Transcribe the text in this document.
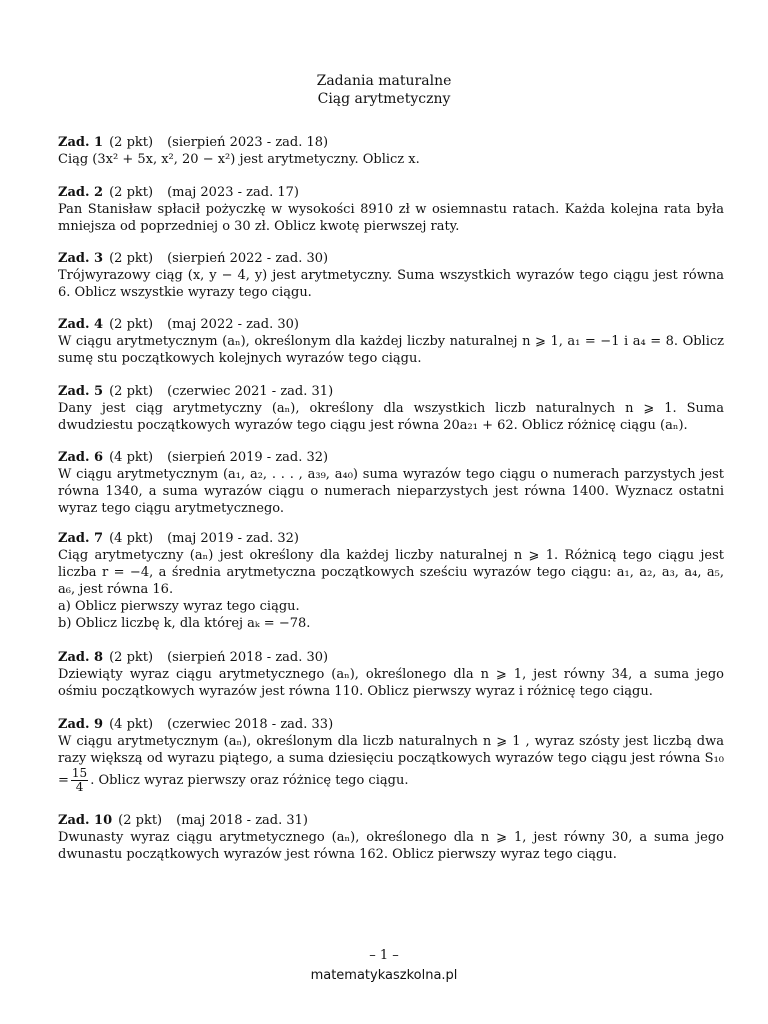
Zadania maturalne
Ciąg arytmetyczny

Zad. 1 (2 pkt) (sierpień 2023 - zad. 18)

Ciąg (3x² + 5x, x², 20 − x²) jest arytmetyczny. Oblicz x.

Zad. 2 (2 pkt) (maj 2023 - zad. 17)

Pan Stanisław spłacił pożyczkę w wysokości 8910 zł w osiemnastu ratach. Każda kolejna rata była mniejsza od poprzedniej o 30 zł. Oblicz kwotę pierwszej raty.

Zad. 3 (2 pkt) (sierpień 2022 - zad. 30)

Trójwyrazowy ciąg (x, y − 4, y) jest arytmetyczny. Suma wszystkich wyrazów tego ciągu jest równa 6. Oblicz wszystkie wyrazy tego ciągu.

Zad. 4 (2 pkt) (maj 2022 - zad. 30)

W ciągu arytmetycznym (aₙ), określonym dla każdej liczby naturalnej n ⩾ 1, a₁ = −1 i a₄ = 8. Oblicz sumę stu początkowych kolejnych wyrazów tego ciągu.

Zad. 5 (2 pkt) (czerwiec 2021 - zad. 31)

Dany jest ciąg arytmetyczny (aₙ), określony dla wszystkich liczb naturalnych n ⩾ 1. Suma dwudziestu początkowych wyrazów tego ciągu jest równa 20a₂₁ + 62. Oblicz różnicę ciągu (aₙ).

Zad. 6 (4 pkt) (sierpień 2019 - zad. 32)

W ciągu arytmetycznym (a₁, a₂, . . . , a₃₉, a₄₀) suma wyrazów tego ciągu o numerach parzystych jest równa 1340, a suma wyrazów ciągu o numerach nieparzystych jest równa 1400. Wyznacz ostatni wyraz tego ciągu arytmetycznego.

Zad. 7 (4 pkt) (maj 2019 - zad. 32)

Ciąg arytmetyczny (aₙ) jest określony dla każdej liczby naturalnej n ⩾ 1. Różnicą tego ciągu jest liczba r = −4, a średnia arytmetyczna początkowych sześciu wyrazów tego ciągu: a₁, a₂, a₃, a₄, a₅, a₆, jest równa 16.

a) Oblicz pierwszy wyraz tego ciągu.

b) Oblicz liczbę k, dla której aₖ = −78.

Zad. 8 (2 pkt) (sierpień 2018 - zad. 30)

Dziewiąty wyraz ciągu arytmetycznego (aₙ), określonego dla n ⩾ 1, jest równy 34, a suma jego ośmiu początkowych wyrazów jest równa 110. Oblicz pierwszy wyraz i różnicę tego ciągu.

Zad. 9 (4 pkt) (czerwiec 2018 - zad. 33)

W ciągu arytmetycznym (aₙ), określonym dla liczb naturalnych n ⩾ 1 , wyraz szósty jest liczbą dwa razy większą od wyrazu piątego, a suma dziesięciu początkowych wyrazów tego ciągu jest równa $S_{10} = \frac{15}{4}$ . Oblicz wyraz pierwszy oraz różnicę tego ciągu.

Zad. 10 (2 pkt) (maj 2018 - zad. 31)

Dwunasty wyraz ciągu arytmetycznego (aₙ), określonego dla n ⩾ 1, jest równy 30, a suma jego dwunastu początkowych wyrazów jest równa 162. Oblicz pierwszy wyraz tego ciągu.

– 1 –
matematykaszkolna.pl
